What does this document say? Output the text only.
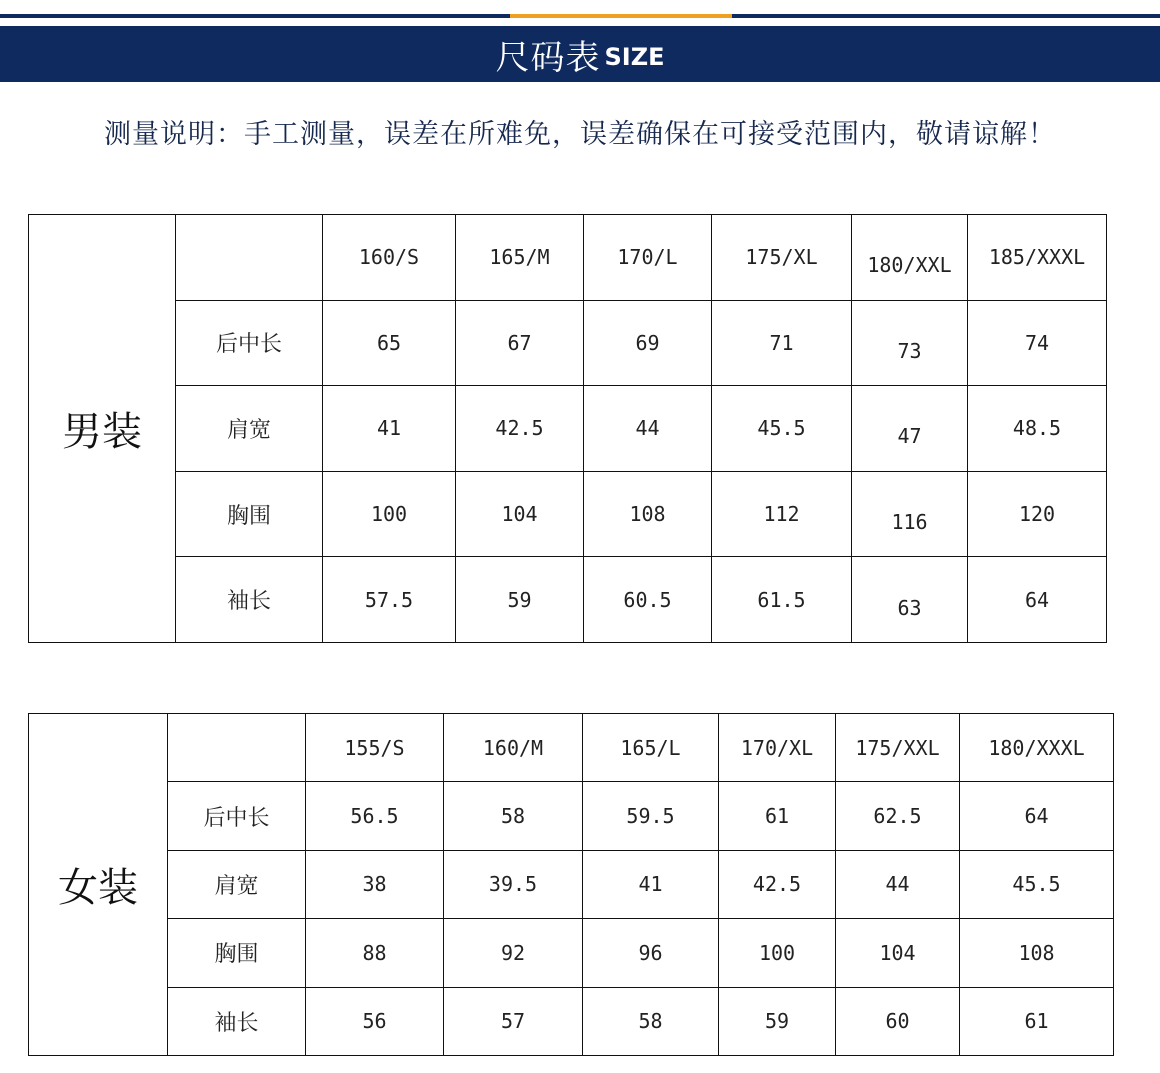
尺码表 SIZE
测量说明：手工测量，误差在所难免，误差确保在可接受范围内，敬请谅解！
男装		160/S	165/M	170/L	175/XL	180/XXL	185/XXXL
	后中长	65	67	69	71	73	74
	肩宽	41	42.5	44	45.5	47	48.5
	胸围	100	104	108	112	116	120
	袖长	57.5	59	60.5	61.5	63	64
女装		155/S	160/M	165/L	170/XL	175/XXL	180/XXXL
	后中长	56.5	58	59.5	61	62.5	64
	肩宽	38	39.5	41	42.5	44	45.5
	胸围	88	92	96	100	104	108
	袖长	56	57	58	59	60	61
